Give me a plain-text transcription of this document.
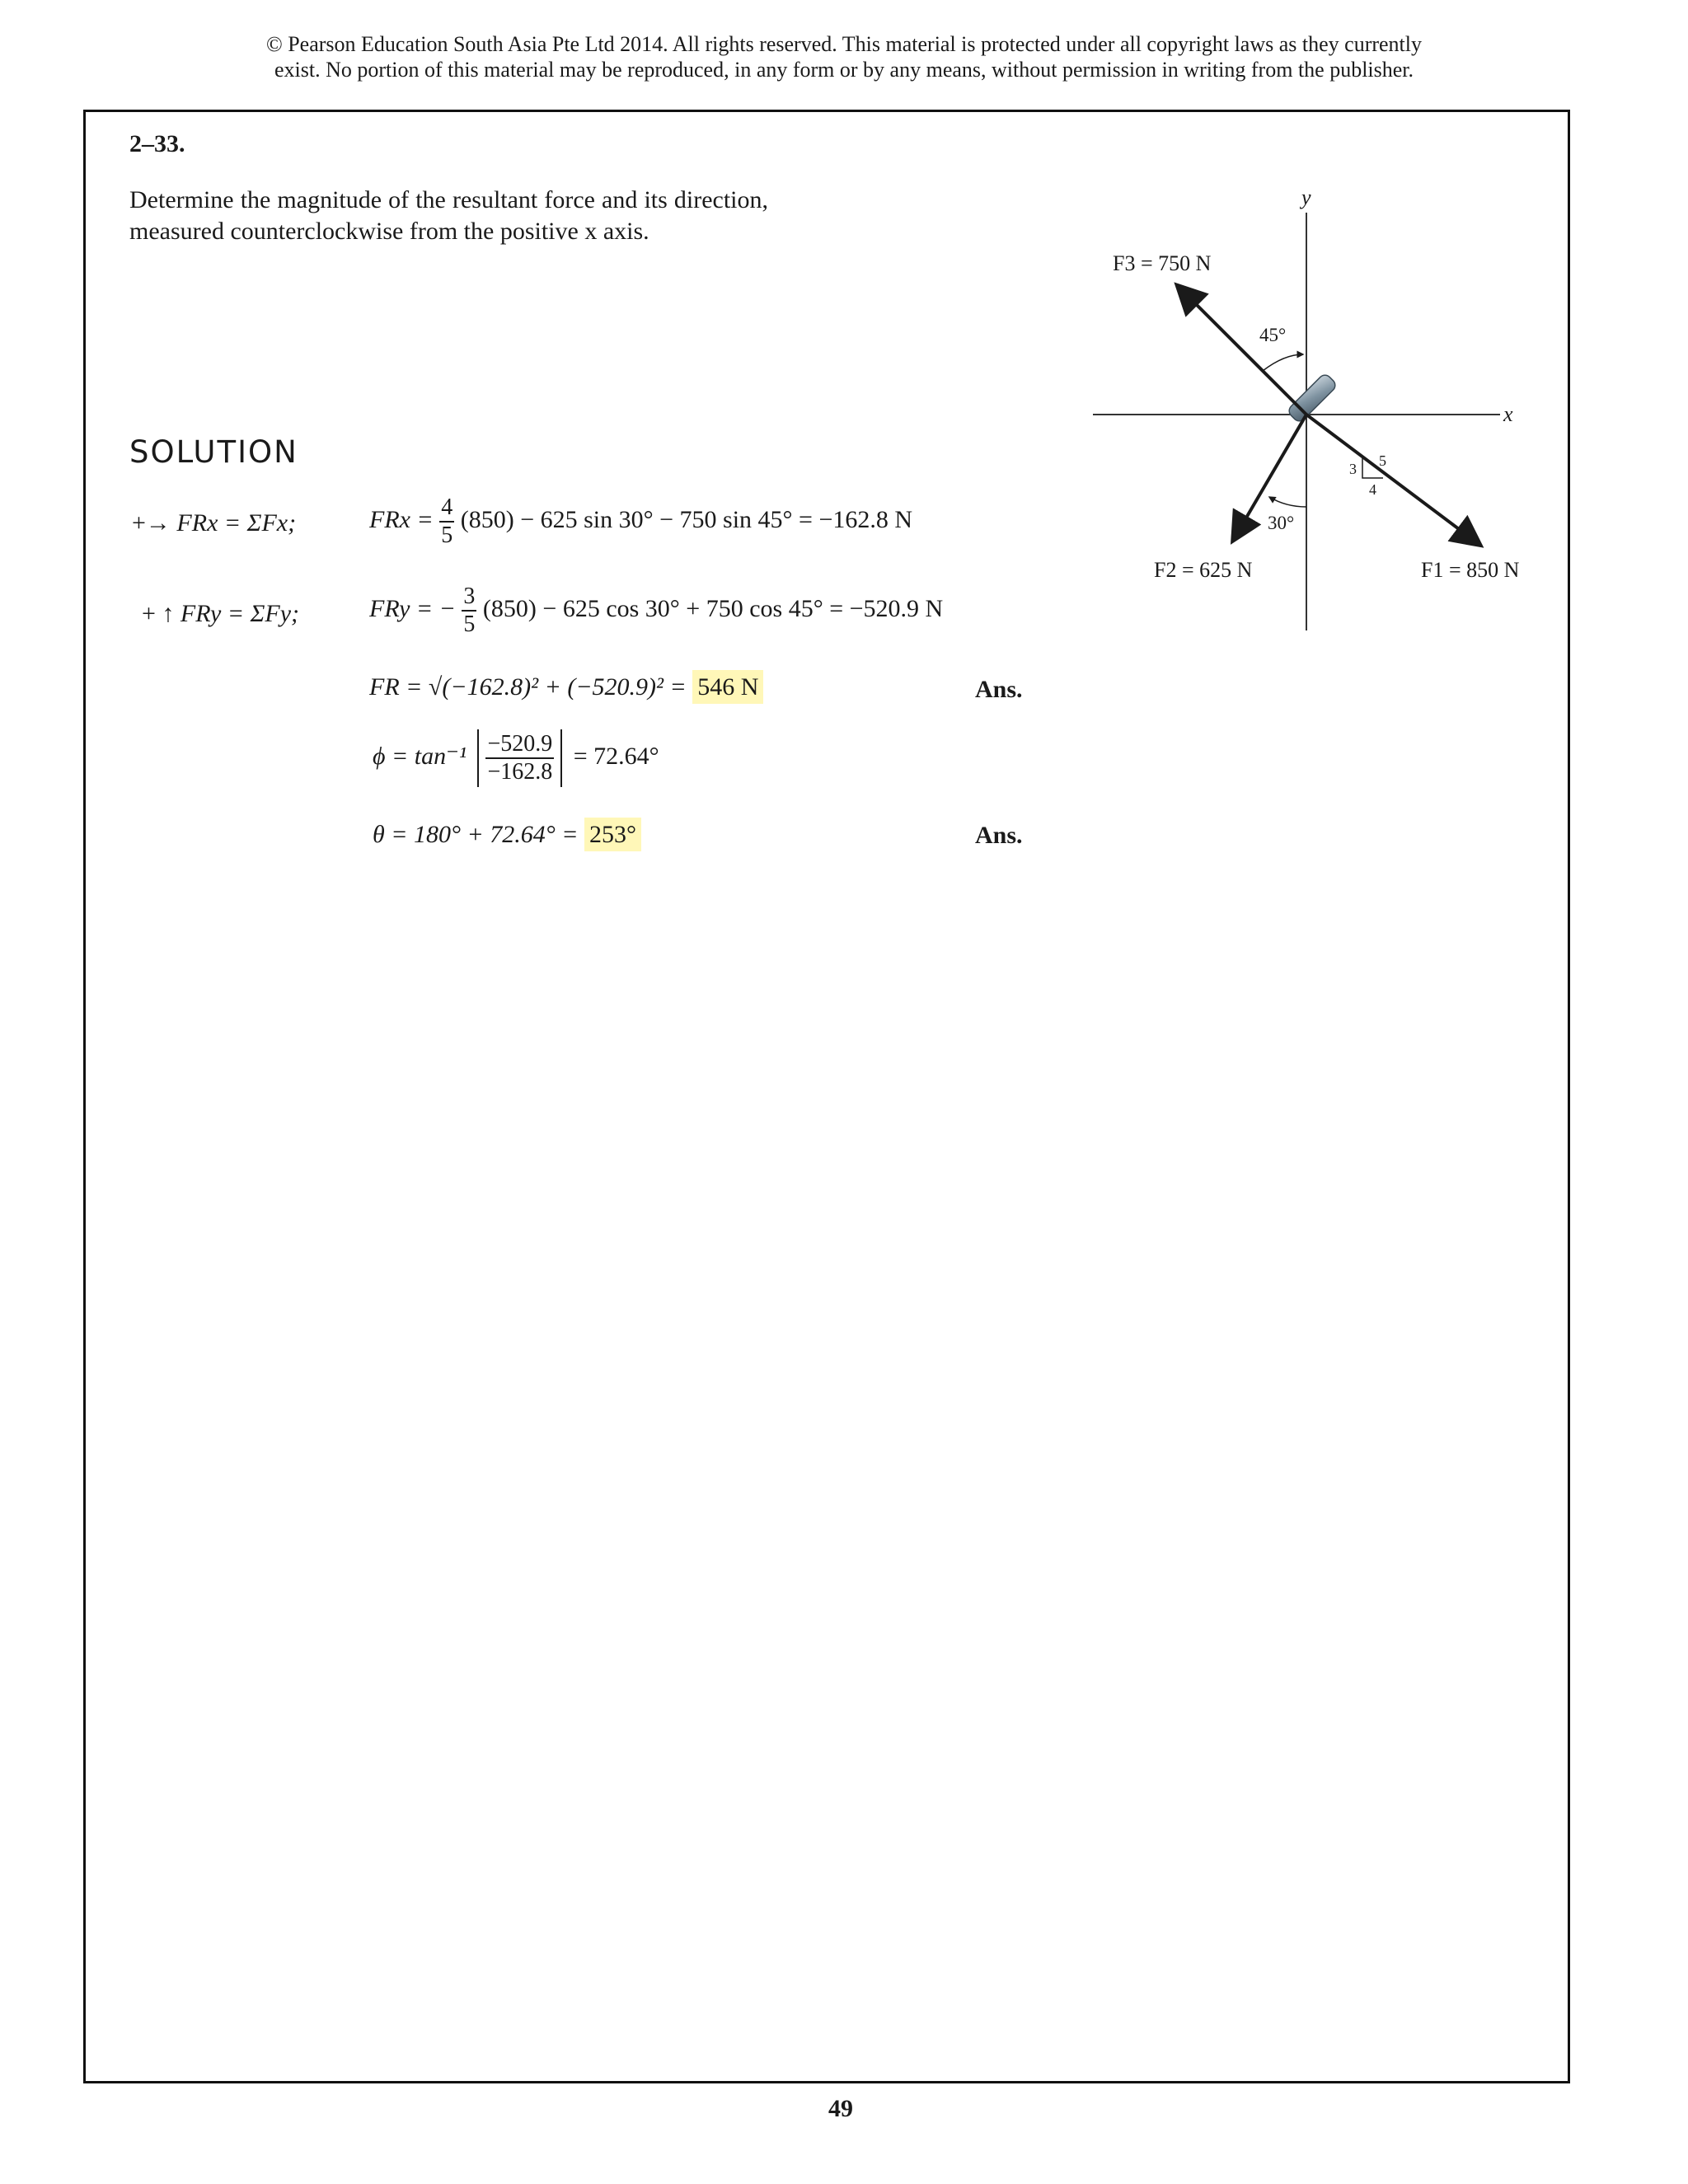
© Pearson Education South Asia Pte Ltd 2014. All rights reserved. This material is protected under all copyright laws as they currently
exist. No portion of this material may be reproduced, in any form or by any means, without permission in writing from the publisher.
2–33.
Determine the magnitude of the resultant force and its direction, measured counterclockwise from the positive x axis.
SOLUTION
+→ FRx = ΣFx;	FRx = $\frac{4}{5} (850) - 625$ sin 30° − 750 sin 45° = −162.8 N
+ ↑ FRy = ΣFy;	FRy = − $\frac{3}{5} (850) - 625$ cos 30° + 750 cos 45° = −520.9 N
FR = √(−162.8)² + (−520.9)² = 546 N	Ans.
$\phi = \tan^{-1} \frac{-520.9}{-162.8} = 72.64^\circ$
θ = 180° + 72.64° = 253°	Ans.
x
y
45°
30°
3
4
5
F3 = 750 N
F2 = 625 N	F1 = 850 N
49
